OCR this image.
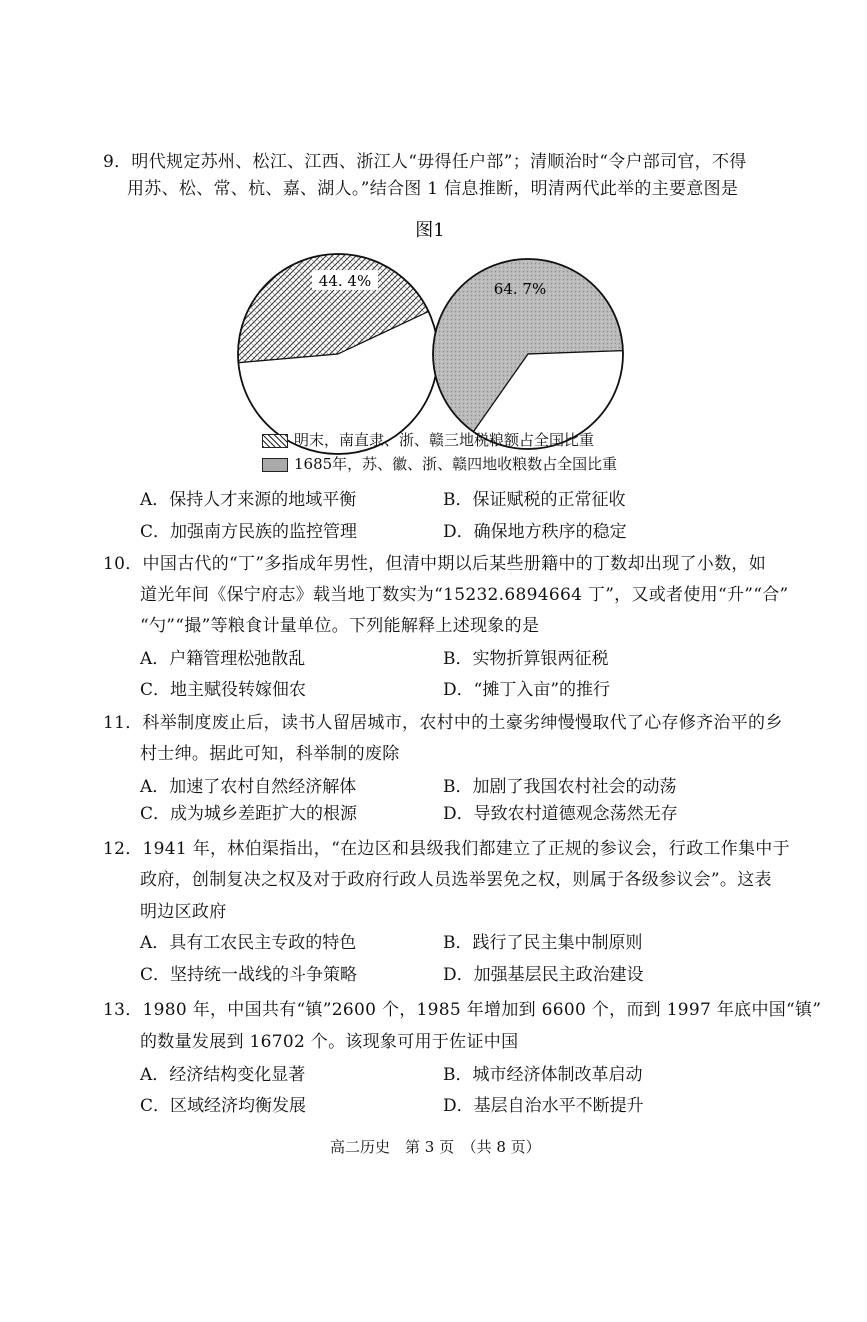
9．明代规定苏州、松江、江西、浙江人“毋得任户部”；清顺治时“令户部司官，不得
用苏、松、常、杭、嘉、湖人。”结合图 1 信息推断，明清两代此举的主要意图是
图1
44. 4%	64. 7%
明末，南直隶、浙、赣三地税粮额占全国比重
1685年，苏、徽、浙、赣四地收粮数占全国比重
A．保持人才来源的地域平衡	B．保证赋税的正常征收
C．加强南方民族的监控管理	D．确保地方秩序的稳定
10．中国古代的“丁”多指成年男性，但清中期以后某些册籍中的丁数却出现了小数，如
道光年间《保宁府志》载当地丁数实为“15232.6894664 丁”，又或者使用“升”“合”
“勺”“撮”等粮食计量单位。下列能解释上述现象的是
A．户籍管理松弛散乱	B．实物折算银两征税
C．地主赋役转嫁佃农	D．“摊丁入亩”的推行
11．科举制度废止后，读书人留居城市，农村中的土豪劣绅慢慢取代了心存修齐治平的乡
村士绅。据此可知，科举制的废除
A．加速了农村自然经济解体	B．加剧了我国农村社会的动荡
C．成为城乡差距扩大的根源	D．导致农村道德观念荡然无存
12．1941 年，林伯渠指出，“在边区和县级我们都建立了正规的参议会，行政工作集中于
政府，创制复决之权及对于政府行政人员选举罢免之权，则属于各级参议会”。这表
明边区政府
A．具有工农民主专政的特色	B．践行了民主集中制原则
C．坚持统一战线的斗争策略	D．加强基层民主政治建设
13．1980 年，中国共有“镇”2600 个，1985 年增加到 6600 个，而到 1997 年底中国“镇”
的数量发展到 16702 个。该现象可用于佐证中国
A．经济结构变化显著	B．城市经济体制改革启动
C．区域经济均衡发展	D．基层自治水平不断提升
高二历史　第 3 页　（共 8 页）
